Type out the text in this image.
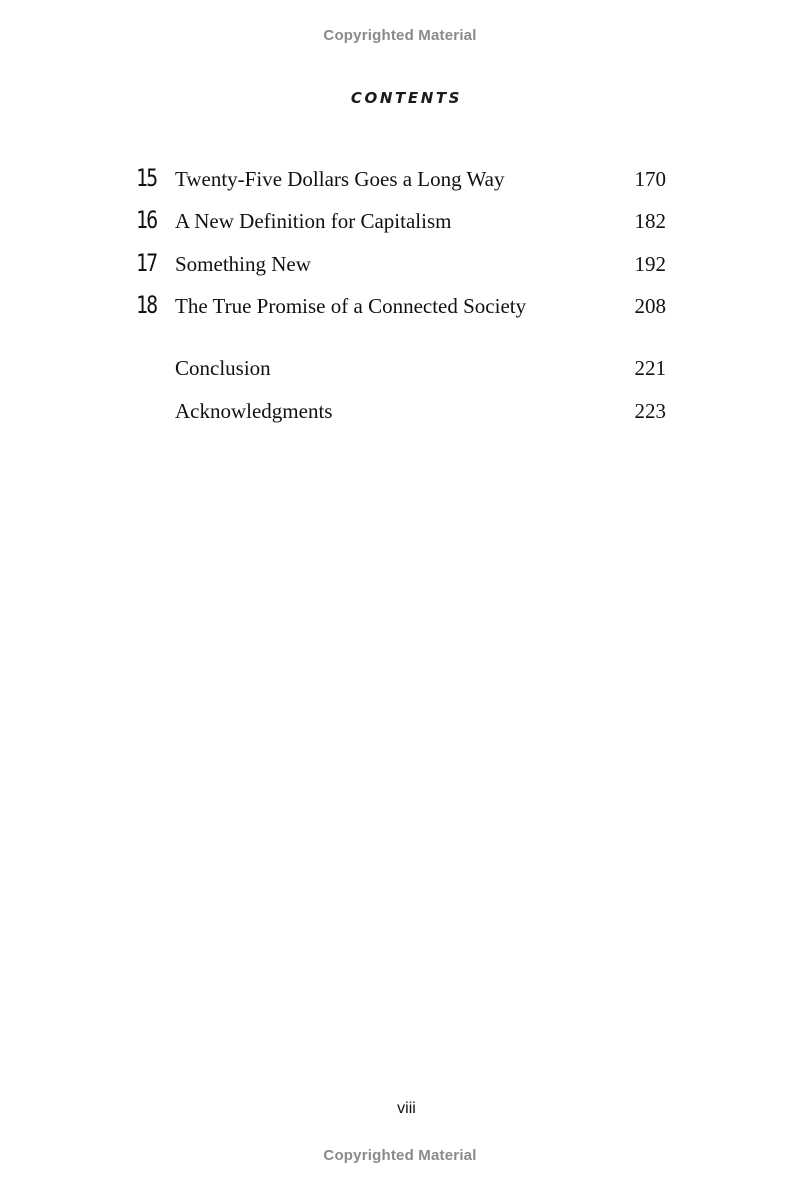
Copyrighted Material
CONTENTS
15 Twenty-Five Dollars Goes a Long Way	170
16 A New Definition for Capitalism	182
17 Something New	192
18 The True Promise of a Connected Society	208
Conclusion	221
Acknowledgments	223
viii
Copyrighted Material
